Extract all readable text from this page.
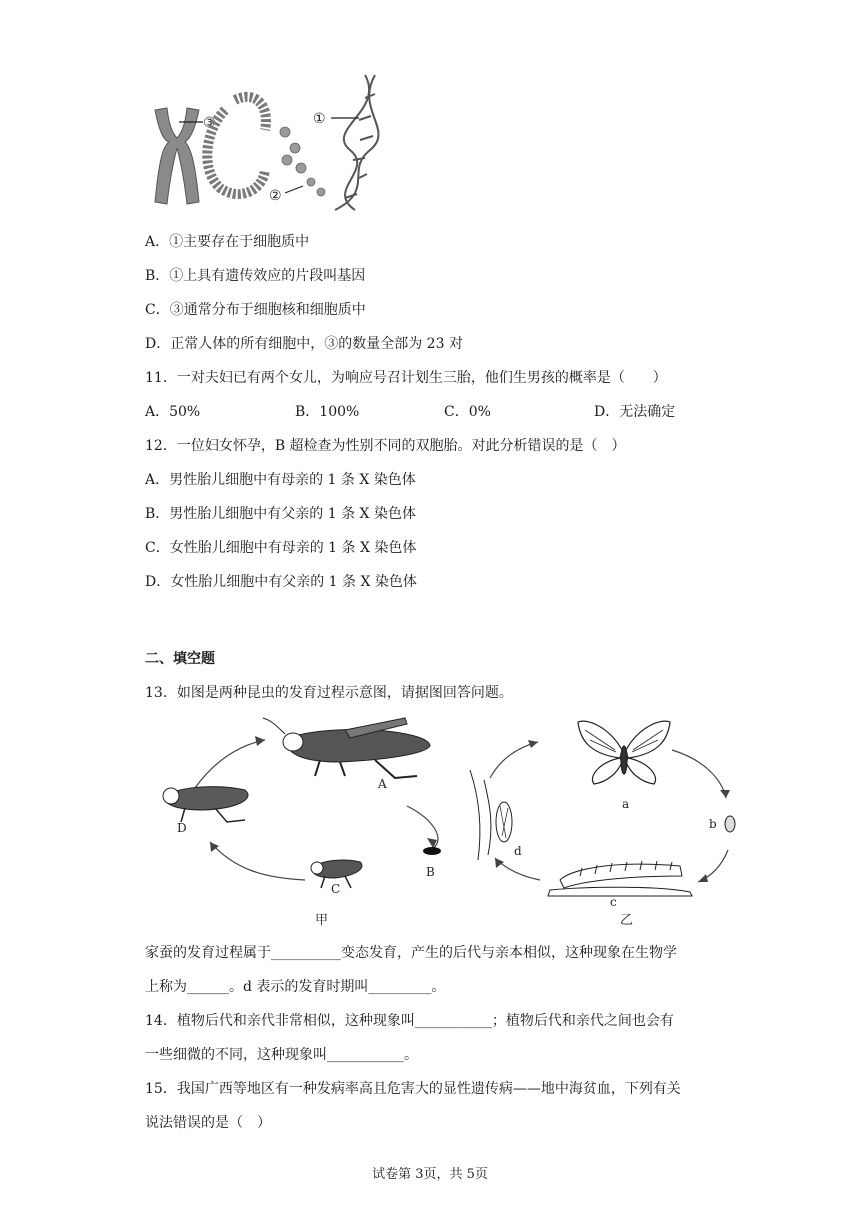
③
②
①
A．①主要存在于细胞质中
B．①上具有遗传效应的片段叫基因
C．③通常分布于细胞核和细胞质中
D．正常人体的所有细胞中，③的数量全部为 23 对
11．一对夫妇已有两个女儿，为响应号召计划生三胎，他们生男孩的概率是（　　）
A．50%	B．100%	C．0%	D．无法确定
12．一位妇女怀孕，B 超检查为性别不同的双胞胎。对此分析错误的是（　）
A．男性胎儿细胞中有母亲的 1 条 X 染色体
B．男性胎儿细胞中有父亲的 1 条 X 染色体
C．女性胎儿细胞中有母亲的 1 条 X 染色体
D．女性胎儿细胞中有父亲的 1 条 X 染色体
二、填空题
13．如图是两种昆虫的发育过程示意图，请据图回答问题。
A
B
C
D
甲
a
b
c
d
乙
家蚕的发育过程属于__________变态发育，产生的后代与亲本相似，这种现象在生物学
上称为______。d 表示的发育时期叫_________。
14．植物后代和亲代非常相似，这种现象叫___________；植物后代和亲代之间也会有
一些细微的不同，这种现象叫___________。
15．我国广西等地区有一种发病率高且危害大的显性遗传病——地中海贫血，下列有关
说法错误的是（　）
试卷第 3页，共 5页
